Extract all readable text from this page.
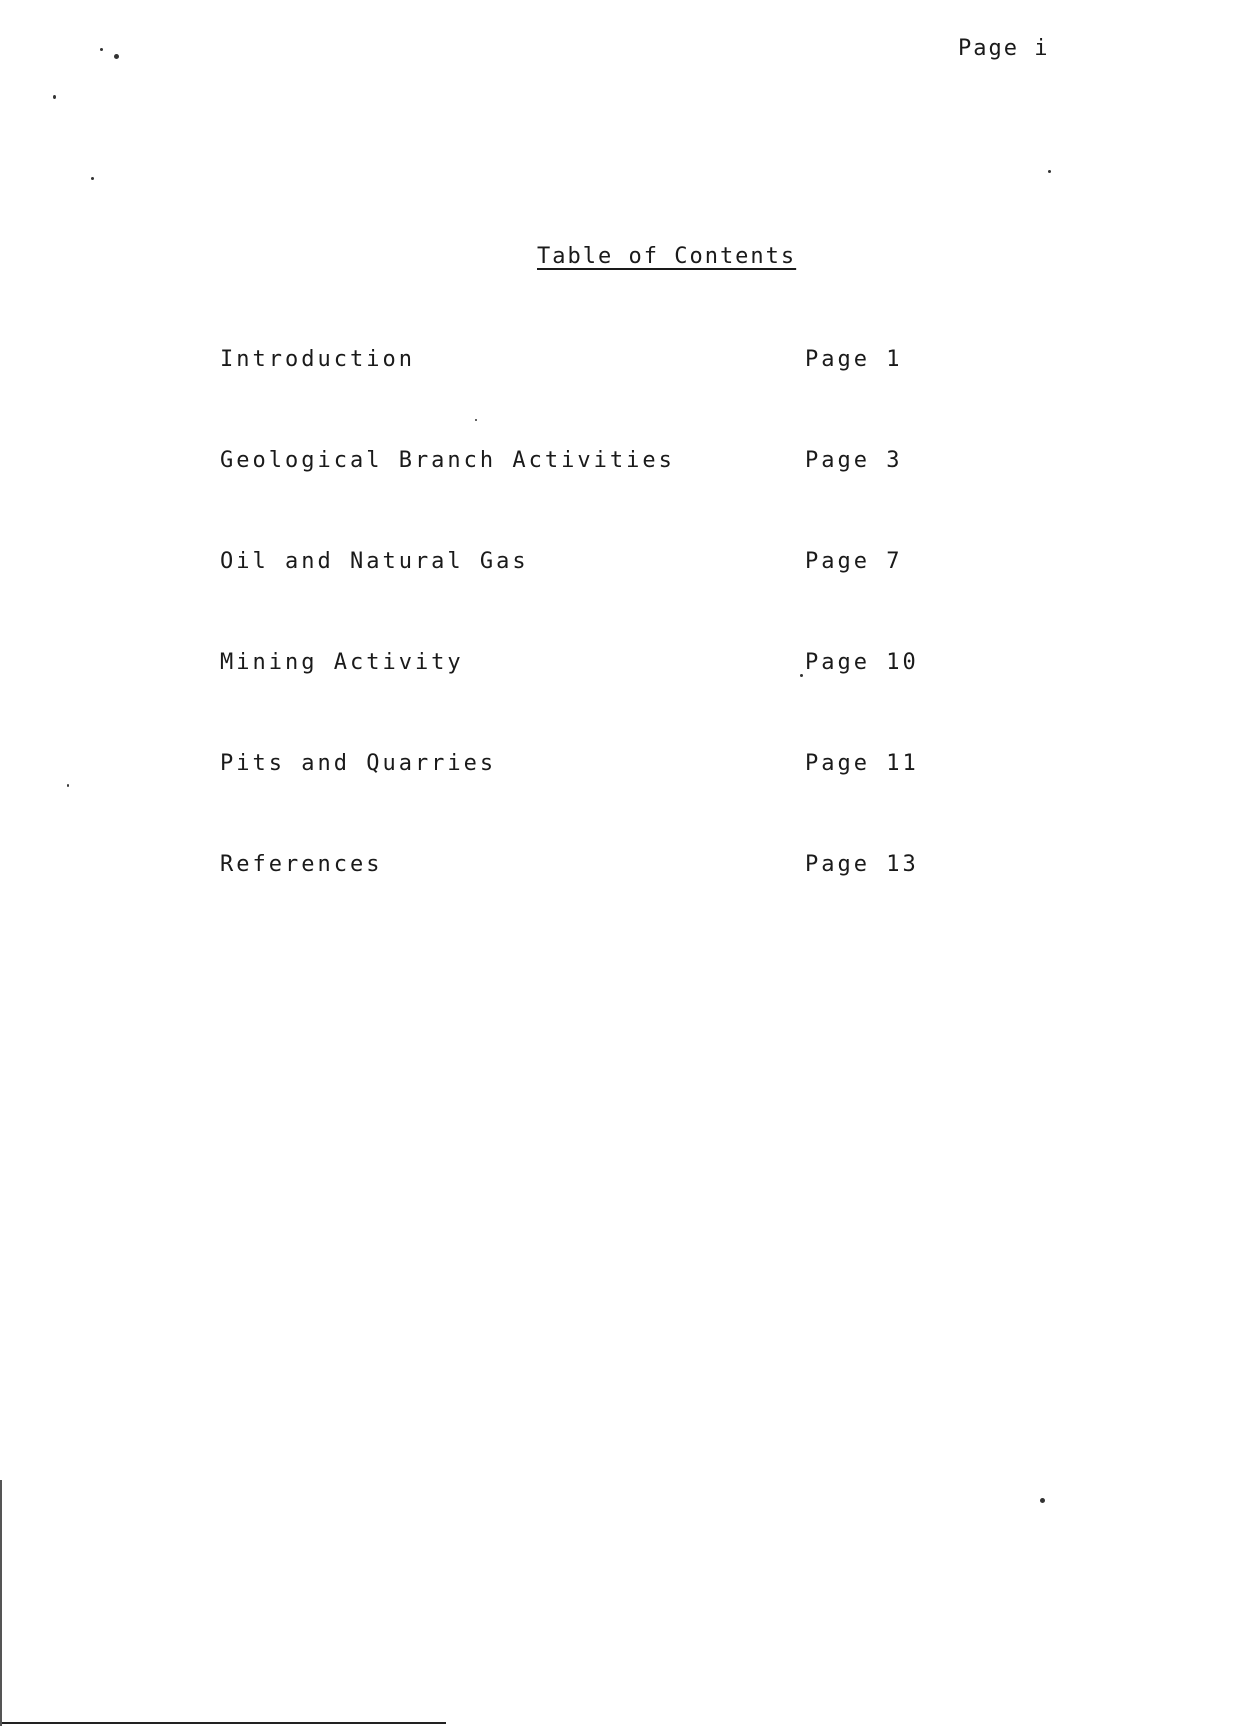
Page i
Table of Contents
Introduction	Page 1
Geological Branch Activities	Page 3
Oil and Natural Gas	Page 7
Mining Activity	Page 10
Pits and Quarries	Page 11
References	Page 13
